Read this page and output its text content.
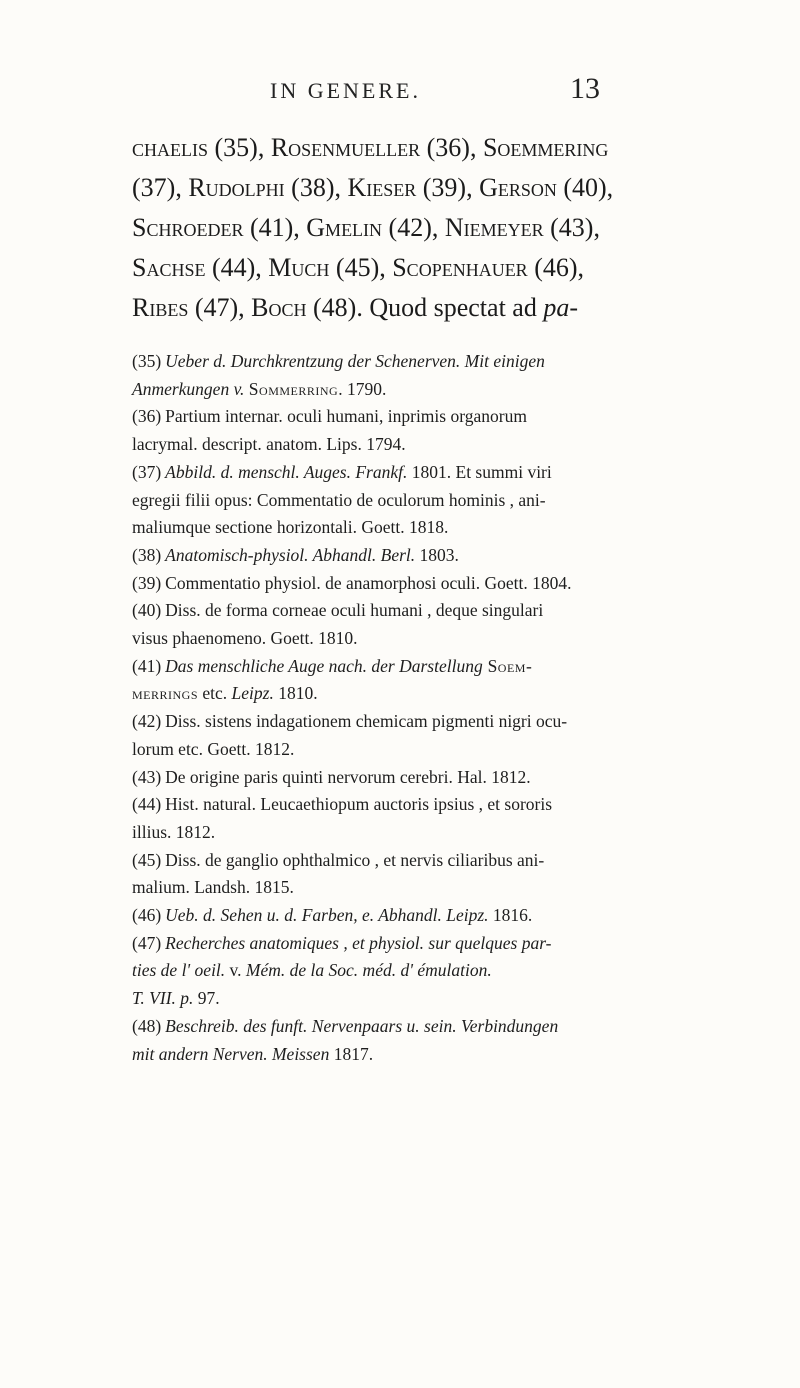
IN GENERE.	13
chaelis (35), Rosenmueller (36), Soemmering
(37), Rudolphi (38), Kieser (39), Gerson (40),
Schroeder (41), Gmelin (42), Niemeyer (43),
Sachse (44), Much (45), Scopenhauer (46),
Ribes (47), Boch (48). Quod spectat ad pa-

(35) Ueber d. Durchkrentzung der Schenerven. Mit einigen
Anmerkungen v. Sommerring. 1790.

(36) Partium internar. oculi humani, inprimis organorum
lacrymal. descript. anatom. Lips. 1794.

(37) Abbild. d. menschl. Auges. Frankf. 1801. Et summi viri
egregii filii opus: Commentatio de oculorum hominis , ani-
maliumque sectione horizontali. Goett. 1818.

(38) Anatomisch-physiol. Abhandl. Berl. 1803.

(39) Commentatio physiol. de anamorphosi oculi. Goett. 1804.

(40) Diss. de forma corneae oculi humani , deque singulari
visus phaenomeno. Goett. 1810.

(41) Das menschliche Auge nach. der Darstellung Soem-
merrings etc. Leipz. 1810.

(42) Diss. sistens indagationem chemicam pigmenti nigri ocu-
lorum etc. Goett. 1812.

(43) De origine paris quinti nervorum cerebri. Hal. 1812.

(44) Hist. natural. Leucaethiopum auctoris ipsius , et sororis
illius. 1812.

(45) Diss. de ganglio ophthalmico , et nervis ciliaribus ani-
malium. Landsh. 1815.

(46) Ueb. d. Sehen u. d. Farben, e. Abhandl. Leipz. 1816.

(47) Recherches anatomiques , et physiol. sur quelques par-
ties de l' oeil. v. Mém. de la Soc. méd. d' émulation.
T. VII. p. 97.

(48) Beschreib. des funft. Nervenpaars u. sein. Verbindungen
mit andern Nerven. Meissen 1817.
